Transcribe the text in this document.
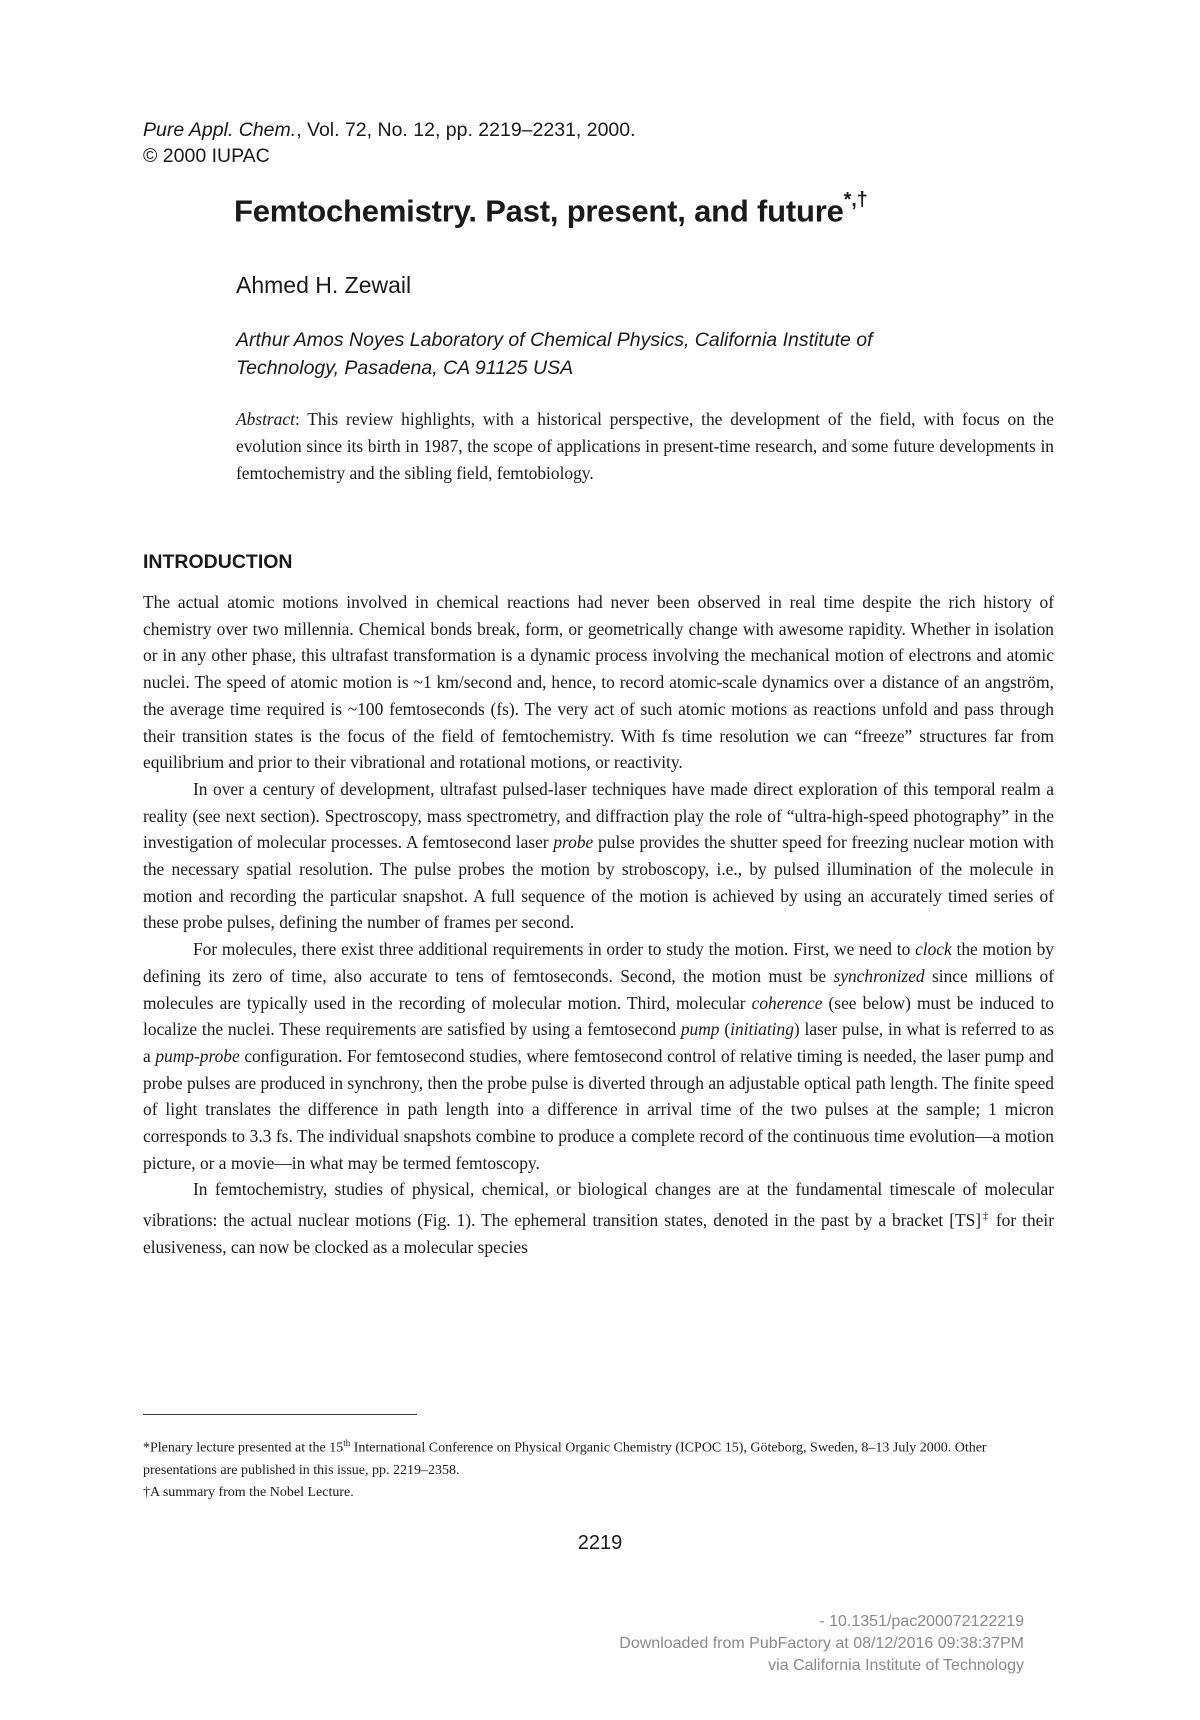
Pure Appl. Chem., Vol. 72, No. 12, pp. 2219–2231, 2000.
© 2000 IUPAC
Femtochemistry. Past, present, and future*,†
Ahmed H. Zewail
Arthur Amos Noyes Laboratory of Chemical Physics, California Institute of
Technology, Pasadena, CA 91125 USA
Abstract: This review highlights, with a historical perspective, the development of the field, with focus on the evolution since its birth in 1987, the scope of applications in present-time research, and some future developments in femtochemistry and the sibling field, femtobiology.
INTRODUCTION

The actual atomic motions involved in chemical reactions had never been observed in real time despite the rich history of chemistry over two millennia. Chemical bonds break, form, or geometrically change with awesome rapidity. Whether in isolation or in any other phase, this ultrafast transformation is a dynamic process involving the mechanical motion of electrons and atomic nuclei. The speed of atomic motion is ~1 km/second and, hence, to record atomic-scale dynamics over a distance of an angström, the average time required is ~100 femtoseconds (fs). The very act of such atomic motions as reactions unfold and pass through their transition states is the focus of the field of femtochemistry. With fs time resolution we can “freeze” structures far from equilibrium and prior to their vibrational and rotational motions, or reactivity.

In over a century of development, ultrafast pulsed-laser techniques have made direct exploration of this temporal realm a reality (see next section). Spectroscopy, mass spectrometry, and diffraction play the role of “ultra-high-speed photography” in the investigation of molecular processes. A femtosecond laser probe pulse provides the shutter speed for freezing nuclear motion with the necessary spatial resolution. The pulse probes the motion by stroboscopy, i.e., by pulsed illumination of the molecule in motion and recording the particular snapshot. A full sequence of the motion is achieved by using an accurately timed series of these probe pulses, defining the number of frames per second.

For molecules, there exist three additional requirements in order to study the motion. First, we need to clock the motion by defining its zero of time, also accurate to tens of femtoseconds. Second, the motion must be synchronized since millions of molecules are typically used in the recording of molecular motion. Third, molecular coherence (see below) must be induced to localize the nuclei. These requirements are satisfied by using a femtosecond pump (initiating) laser pulse, in what is referred to as a pump-probe configuration. For femtosecond studies, where femtosecond control of relative timing is needed, the laser pump and probe pulses are produced in synchrony, then the probe pulse is diverted through an adjustable optical path length. The finite speed of light translates the difference in path length into a difference in arrival time of the two pulses at the sample; 1 micron corresponds to 3.3 fs. The individual snapshots combine to produce a complete record of the continuous time evolution—a motion picture, or a movie—in what may be termed femtoscopy.

In femtochemistry, studies of physical, chemical, or biological changes are at the fundamental timescale of molecular vibrations: the actual nuclear motions (Fig. 1). The ephemeral transition states, denoted in the past by a bracket [TS]‡ for their elusiveness, can now be clocked as a molecular species

*Plenary lecture presented at the 15th International Conference on Physical Organic Chemistry (ICPOC 15), Göteborg, Sweden, 8–13 July 2000. Other presentations are published in this issue, pp. 2219–2358.

†A summary from the Nobel Lecture.

2219
- 10.1351/pac200072122219
Downloaded from PubFactory at 08/12/2016 09:38:37PM
via California Institute of Technology
